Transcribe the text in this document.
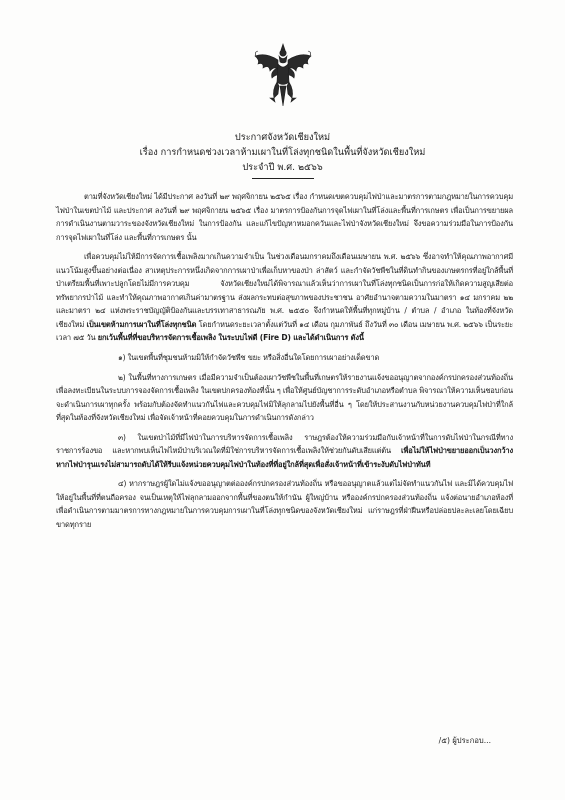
ประกาศจังหวัดเชียงใหม่
เรื่อง การกำหนดช่วงเวลาห้ามเผาในที่โล่งทุกชนิดในพื้นที่จังหวัดเชียงใหม่
ประจำปี พ.ศ. ๒๕๖๖

ตามที่จังหวัดเชียงใหม่ ได้มีประกาศ ลงวันที่ ๒๙ พฤศจิกายน ๒๕๖๕ เรื่อง กำหนดเขตควบคุมไฟป่าและมาตรการตามกฎหมายในการควบคุมไฟป่าในเขตป่าไม้ และประกาศ ลงวันที่ ๒๙ พฤศจิกายน ๒๕๖๕ เรื่อง มาตรการป้องกันการจุดไฟเผาในที่โล่งและพื้นที่การเกษตร เพื่อเป็นการขยายผลการดำเนินงานตามวาระของจังหวัดเชียงใหม่ ในการป้องกัน และแก้ไขปัญหาหมอกควันและไฟป่าจังหวัดเชียงใหม่ จึงขอความร่วมมือในการป้องกันการจุดไฟเผาในที่โล่ง และพื้นที่การเกษตร นั้น

เพื่อควบคุมไม่ให้มีการจัดการเชื้อเพลิงมากเกินความจำเป็น ในช่วงเดือนมกราคมถึงเดือนเมษายน พ.ศ. ๒๕๖๖ ซึ่งอาจทำให้คุณภาพอากาศมีแนวโน้มสูงขึ้นอย่างต่อเนื่อง สาเหตุประการหนึ่งเกิดจากการเผาป่าเพื่อเก็บหาของป่า ล่าสัตว์ และกำจัดวัชพืชในที่ดินทำกินของเกษตรกรที่อยู่ใกล้พื้นที่ป่าเตรียมพื้นที่เพาะปลูกโดยไม่มีการควบคุม จังหวัดเชียงใหม่ได้พิจารณาแล้วเห็นว่าการเผาในที่โล่งทุกชนิดเป็นการก่อให้เกิดความสูญเสียต่อทรัพยากรป่าไม้ และทำให้คุณภาพอากาศเกินค่ามาตรฐาน ส่งผลกระทบต่อสุขภาพของประชาชน อาศัยอำนาจตามความในมาตรา ๑๔ มกราคม ๒๒ และมาตรา ๒๔ แห่งพระราชบัญญัติป้องกันและบรรเทาสาธารณภัย พ.ศ. ๒๕๕๐ จึงกำหนดให้พื้นที่ทุกหมู่บ้าน / ตำบล / อำเภอ ในท้องที่จังหวัดเชียงใหม่ เป็นเขตห้ามการเผาในที่โล่งทุกชนิด โดยกำหนดระยะเวลาตั้งแต่วันที่ ๑๔ เดือน กุมภาพันธ์ ถึงวันที่ ๓๐ เดือน เมษายน พ.ศ. ๒๕๖๖ เป็นระยะเวลา ๗๕ วัน ยกเว้นพื้นที่ที่ขอบริหารจัดการเชื้อเพลิง ในระบบไฟดี (Fire D) และได้ดำเนินการ ดังนี้

๑) ในเขตพื้นที่ชุมชนห้ามมิให้กำจัดวัชพืช ขยะ หรือสิ่งอื่นใดโดยการเผาอย่างเด็ดขาด

๒) ในพื้นที่ทางการเกษตร เมื่อมีความจำเป็นต้องเผาวัชพืชในพื้นที่เกษตรให้รายงานแจ้งขออนุญาตจากองค์กรปกครองส่วนท้องถิ่น เพื่อลงทะเบียนในระบบการจองจัดการเชื้อเพลิง ในเขตปกครองท้องที่นั้น ๆ เพื่อให้ศูนย์บัญชาการระดับอำเภอหรือตำบล พิจารณาให้ความเห็นชอบก่อนจะดำเนินการเผาทุกครั้ง พร้อมกับต้องจัดทำแนวกันไฟและควบคุมไฟมิให้ลุกลามไปยังพื้นที่อื่น ๆ โดยให้ประสานงานกับหน่วยงานควบคุมไฟป่าที่ใกล้ที่สุดในท้องที่จังหวัดเชียงใหม่ เพื่อจัดเจ้าหน้าที่คอยควบคุมในการดำเนินการดังกล่าว

๓) ในเขตป่าไม้ที่มีไฟป่าในการบริหารจัดการเชื้อเพลิง ราษฎรต้องให้ความร่วมมือกับเจ้าหน้าที่ในการดับไฟป่าในกรณีที่ทางราชการร้องขอ และหากพบเห็นไฟไหม้ป่าบริเวณใดที่มิใช่การบริหารจัดการเชื้อเพลิงให้ช่วยกันดับเสียแต่ต้น เพื่อไม่ให้ไฟป่าขยายออกเป็นวงกว้าง หากไฟป่ารุนแรงไม่สามารถดับได้ให้รีบแจ้งหน่วยควบคุมไฟป่าในท้องที่ที่อยู่ใกล้ที่สุดเพื่อสั่งเจ้าหน้าที่เข้าระงับดับไฟป่าทันที

๔) หากราษฎรผู้ใดไม่แจ้งขออนุญาตต่อองค์กรปกครองส่วนท้องถิ่น หรือขออนุญาตแล้วแต่ไม่จัดทำแนวกันไฟ และมิได้ควบคุมไฟให้อยู่ในพื้นที่ที่ตนถือครอง จนเป็นเหตุให้ไฟลุกลามออกจากพื้นที่ของตนให้กำนัน ผู้ใหญ่บ้าน หรือองค์กรปกครองส่วนท้องถิ่น แจ้งต่อนายอำเภอท้องที่ เพื่อดำเนินการตามมาตรการทางกฎหมายในการควบคุมการเผาในที่โล่งทุกชนิดของจังหวัดเชียงใหม่ แก่ราษฎรที่ฝ่าฝืนหรือปล่อยปละละเลยโดยเฉียบขาดทุกราย

/๕) ผู้ประกอบ...
